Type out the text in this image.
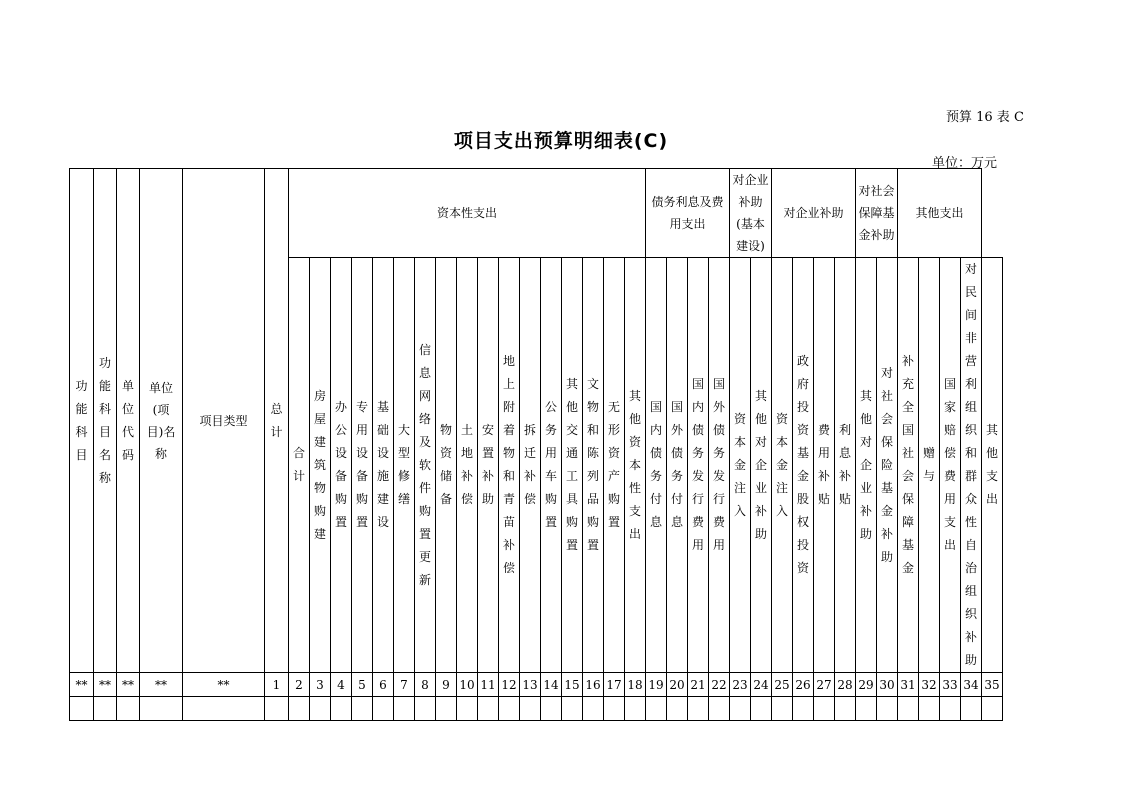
预算 16 表 C
项目支出预算明细表(C)
单位：万元
功能科目	功能科目名称	单位代码	单位(项目)名称	项目类型	总计	资本性支出																	债务利息及费用支出				对企业补助(基本建设)		对企业补助				对社会保障基金补助		其他支出				

						合计	房屋建筑物购建	办公设备购置	专用设备购置	基础设施建设	大型修缮	信息网络及软件购置更新	物资储备	土地补偿	安置补助	地上附着物和青苗补偿	拆迁补偿	公务用车购置	其他交通工具购置	文物和陈列品购置	无形资产购置	其他资本性支出	国内债务付息	国外债务付息	国内债务发行费用	国外债务发行费用	资本金注入	其他对企业补助	资本金注入	政府投资基金股权投资	费用补贴	利息补贴	其他对企业补助	对社会保险基金补助	补充全国社会保障基金	赠与	国家赔偿费用支出	对民间非营利组织和群众性自治组织补助	其他支出
**	**	**	**	**	1	2	3	4	5	6	7	8	9	10	11	12	13	14	15	16	17	18	19	20	21	22	23	24	25	26	27	28	29	30	31	32	33	34	35
